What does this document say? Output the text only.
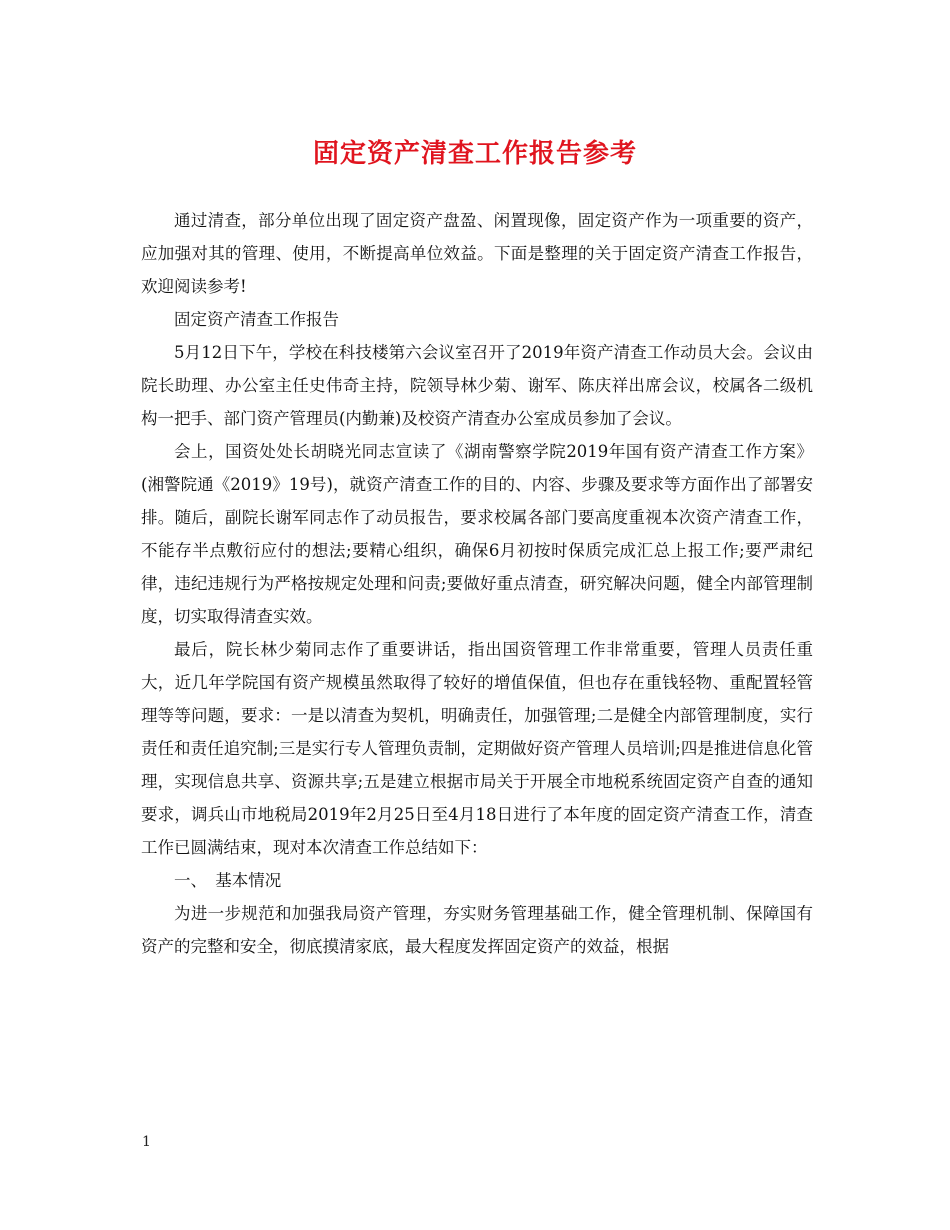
固定资产清查工作报告参考

通过清查，部分单位出现了固定资产盘盈、闲置现像，固定资产作为一项重要的资产，应加强对其的管理、使用，不断提高单位效益。下面是整理的关于固定资产清查工作报告，欢迎阅读参考!

固定资产清查工作报告

5月12日下午，学校在科技楼第六会议室召开了2019年资产清查工作动员大会。会议由院长助理、办公室主任史伟奇主持，院领导林少菊、谢军、陈庆祥出席会议，校属各二级机构一把手、部门资产管理员(内勤兼)及校资产清查办公室成员参加了会议。

会上，国资处处长胡晓光同志宣读了《湖南警察学院2019年国有资产清查工作方案》(湘警院通《2019》19号)，就资产清查工作的目的、内容、步骤及要求等方面作出了部署安排。随后，副院长谢军同志作了动员报告，要求校属各部门要高度重视本次资产清查工作，不能存半点敷衍应付的想法;要精心组织，确保6月初按时保质完成汇总上报工作;要严肃纪律，违纪违规行为严格按规定处理和问责;要做好重点清查，研究解决问题，健全内部管理制度，切实取得清查实效。

最后，院长林少菊同志作了重要讲话，指出国资管理工作非常重要，管理人员责任重大，近几年学院国有资产规模虽然取得了较好的增值保值，但也存在重钱轻物、重配置轻管理等等问题，要求：一是以清查为契机，明确责任，加强管理;二是健全内部管理制度，实行责任和责任追究制;三是实行专人管理负责制，定期做好资产管理人员培训;四是推进信息化管理，实现信息共享、资源共享;五是建立根据市局关于开展全市地税系统固定资产自查的通知要求，调兵山市地税局2019年2月25日至4月18日进行了本年度的固定资产清查工作，清查工作已圆满结束，现对本次清查工作总结如下：

一、　基本情况

为进一步规范和加强我局资产管理，夯实财务管理基础工作，健全管理机制、保障国有资产的完整和安全，彻底摸清家底，最大程度发挥固定资产的效益，根据

1
